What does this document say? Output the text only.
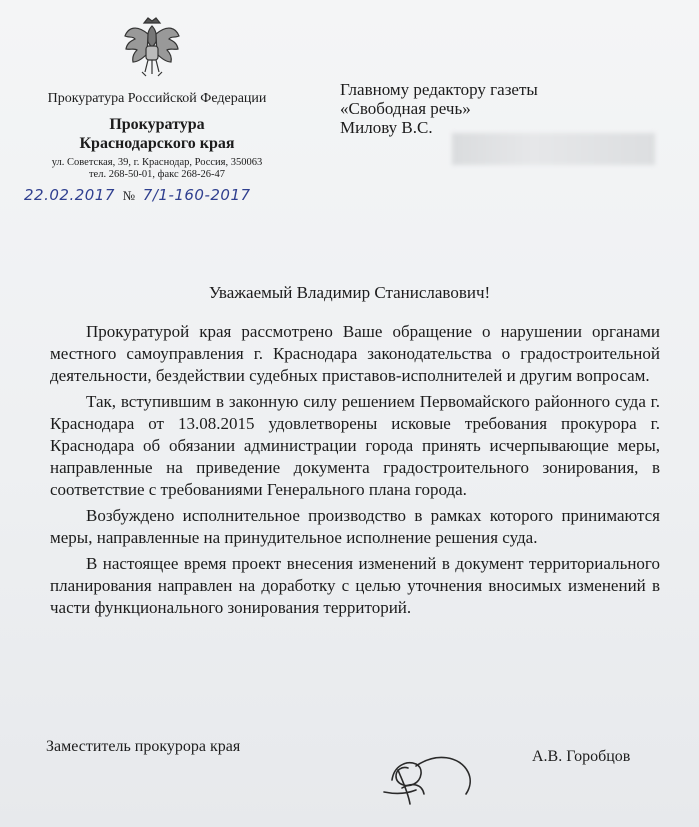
Прокуратура Российской Федерации
Прокуратура
Краснодарского края
ул. Советская, 39, г. Краснодар, Россия, 350063
тел. 268-50-01, факс 268-26-47
22.02.2017 № 7/1-160-2017
Главному редактору газеты
«Свободная речь»
Милову В.С.
Уважаемый Владимир Станиславович!

Прокуратурой края рассмотрено Ваше обращение о нарушении органами местного самоуправления г. Краснодара законодательства о градостроительной деятельности, бездействии судебных приставов-исполнителей и другим вопросам.

Так, вступившим в законную силу решением Первомайского районного суда г. Краснодара от 13.08.2015 удовлетворены исковые требования прокурора г. Краснодара об обязании администрации города принять исчерпывающие меры, направленные на приведение документа градостроительного зонирования, в соответствие с требованиями Генерального плана города.

Возбуждено исполнительное производство в рамках которого принимаются меры, направленные на принудительное исполнение решения суда.

В настоящее время проект внесения изменений в документ территориального планирования направлен на доработку с целью уточнения вносимых изменений в части функционального зонирования территорий.

Заместитель прокурора края
А.В. Горобцов
